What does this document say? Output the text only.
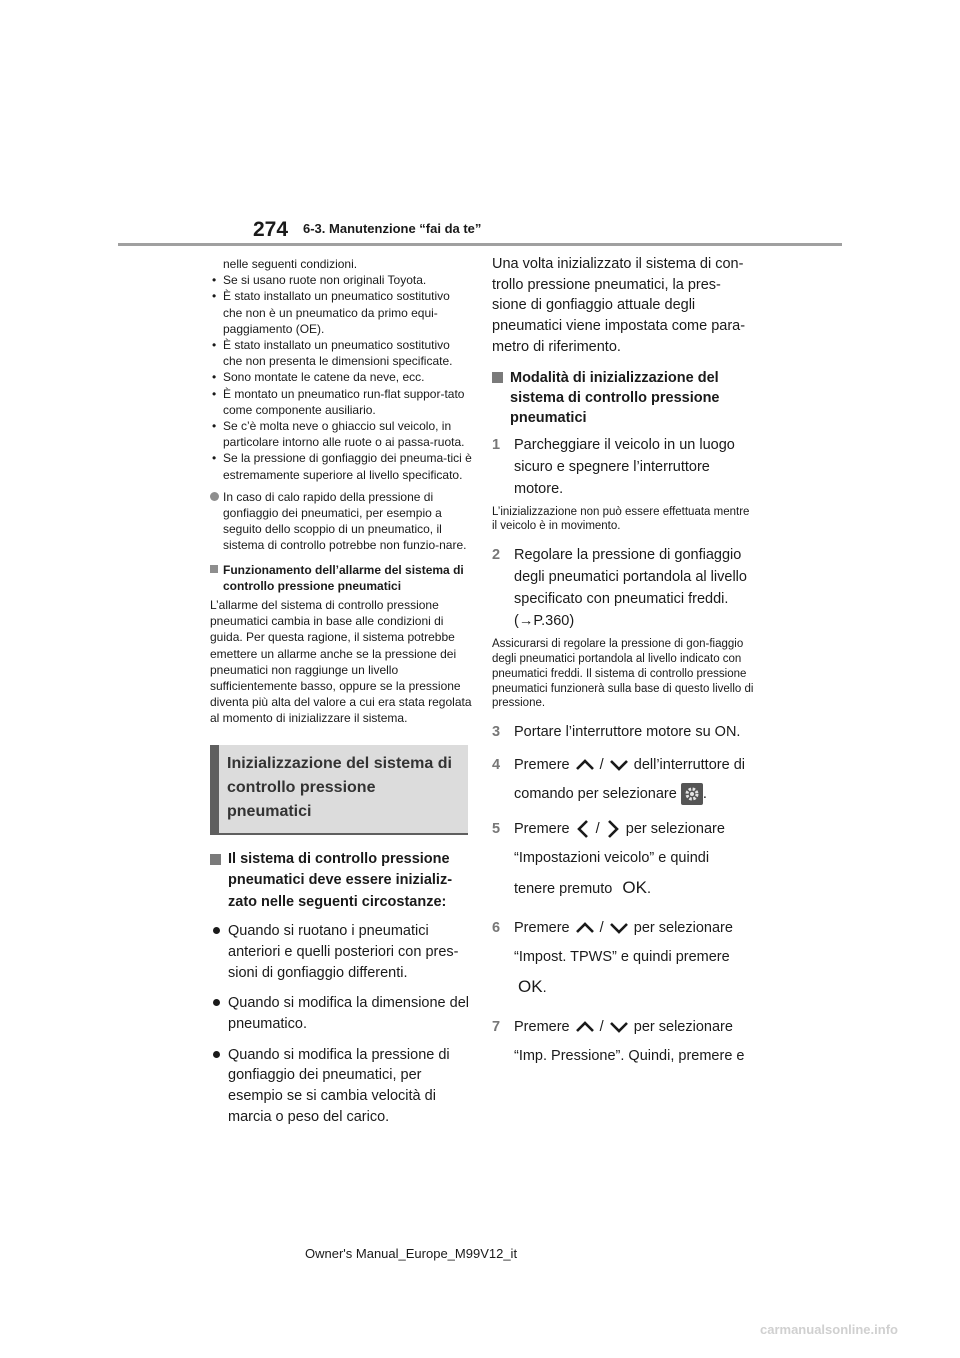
274 6-3. Manutenzione “fai da te”

nelle seguenti condizioni.

• Se si usano ruote non originali Toyota.
• È stato installato un pneumatico sostitutivo che non è un pneumatico da primo equi-paggiamento (OE).
• È stato installato un pneumatico sostitutivo che non presenta le dimensioni specificate.
• Sono montate le catene da neve, ecc.
• È montato un pneumatico run-flat suppor-tato come componente ausiliario.
• Se c’è molta neve o ghiaccio sul veicolo, in particolare intorno alle ruote o ai passa-ruota.
• Se la pressione di gonfiaggio dei pneuma-tici è estremamente superiore al livello specificato.
In caso di calo rapido della pressione di gonfiaggio dei pneumatici, per esempio a seguito dello scoppio di un pneumatico, il sistema di controllo potrebbe non funzio-nare.
Funzionamento dell’allarme del sistema di controllo pressione pneumatici

L’allarme del sistema di controllo pressione pneumatici cambia in base alle condizioni di guida. Per questa ragione, il sistema potrebbe emettere un allarme anche se la pressione dei pneumatici non raggiunge un livello sufficientemente basso, oppure se la pressione diventa più alta del valore a cui era stata regolata al momento di inizializzare il sistema.

Inizializzazione del sistema di
controllo pressione pneumatici
Il sistema di controllo pressione pneumatici deve essere inizializ-zato nelle seguenti circostanze:

Quando si ruotano i pneumatici anteriori e quelli posteriori con pres-sioni di gonfiaggio differenti.

Quando si modifica la dimensione del pneumatico.

Quando si modifica la pressione di gonfiaggio dei pneumatici, per esempio se si cambia velocità di marcia o peso del carico.

Una volta inizializzato il sistema di con-trollo pressione pneumatici, la pres-sione di gonfiaggio attuale degli pneumatici viene impostata come para-metro di riferimento.

Modalità di inizializzazione del sistema di controllo pressione pneumatici
1 Parcheggiare il veicolo in un luogo sicuro e spegnere l’interruttore motore.

L’inizializzazione non può essere effettuata mentre il veicolo è in movimento.

2 Regolare la pressione di gonfiaggio degli pneumatici portandola al livello specificato con pneumatici freddi. (→P.360)

Assicurarsi di regolare la pressione di gon-fiaggio degli pneumatici portandola al livello indicato con pneumatici freddi. Il sistema di controllo pressione pneumatici funzionerà sulla base di questo livello di pressione.

3 Portare l’interruttore motore su ON.
4 Premere / dell’interruttore di comando per selezionare .
5 Premere / per selezionare “Impostazioni veicolo” e quindi tenere premuto OK.
6 Premere / per selezionare “Impost. TPWS” e quindi premere
OK.
7 Premere / per selezionare “Imp. Pressione”. Quindi, premere e
Owner's Manual_Europe_M99V12_it
carmanualsonline.info
